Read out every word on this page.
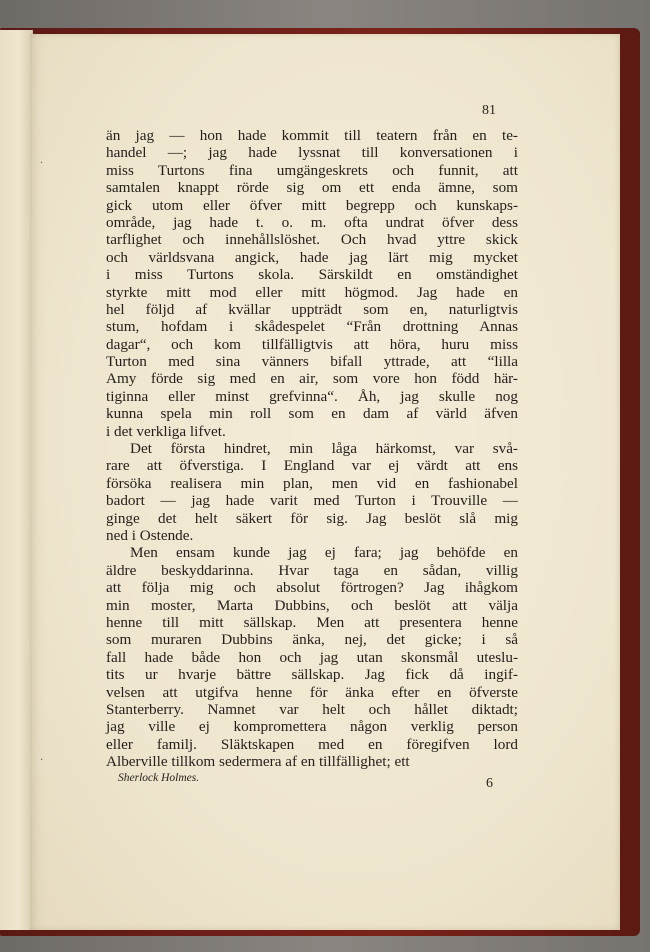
81
än jag — hon hade kommit till teatern från en te-
handel —; jag hade lyssnat till konversationen i
miss Turtons fina umgängeskrets och funnit, att
samtalen knappt rörde sig om ett enda ämne, som
gick utom eller öfver mitt begrepp och kunskaps-
område, jag hade t. o. m. ofta undrat öfver dess
tarflighet och innehållslöshet. Och hvad yttre skick
och världsvana angick, hade jag lärt mig mycket
i miss Turtons skola. Särskildt en omständighet
styrkte mitt mod eller mitt högmod. Jag hade en
hel följd af kvällar uppträdt som en, naturligtvis
stum, hofdam i skådespelet “Från drottning Annas
dagar“, och kom tillfälligtvis att höra, huru miss
Turton med sina vänners bifall yttrade, att “lilla
Amy förde sig med en air, som vore hon född här-
tiginna eller minst grefvinna“. Åh, jag skulle nog
kunna spela min roll som en dam af värld äfven
i det verkliga lifvet.
Det första hindret, min låga härkomst, var svå-
rare att öfverstiga. I England var ej värdt att ens
försöka realisera min plan, men vid en fashionabel
badort — jag hade varit med Turton i Trouville —
ginge det helt säkert för sig. Jag beslöt slå mig
ned i Ostende.
Men ensam kunde jag ej fara; jag behöfde en
äldre beskyddarinna. Hvar taga en sådan, villig
att följa mig och absolut förtrogen? Jag ihågkom
min moster, Marta Dubbins, och beslöt att välja
henne till mitt sällskap. Men att presentera henne
som muraren Dubbins änka, nej, det gicke; i så
fall hade både hon och jag utan skonsmål uteslu-
tits ur hvarje bättre sällskap. Jag fick då ingif-
velsen att utgifva henne för änka efter en öfverste
Stanterberry. Namnet var helt och hållet diktadt;
jag ville ej komprometterа någon verklig person
eller familj. Släktskapen med en föregifven lord
Alberville tillkom sedermera af en tillfällighet; ett
Sherlock Holmes.	6
·
·
